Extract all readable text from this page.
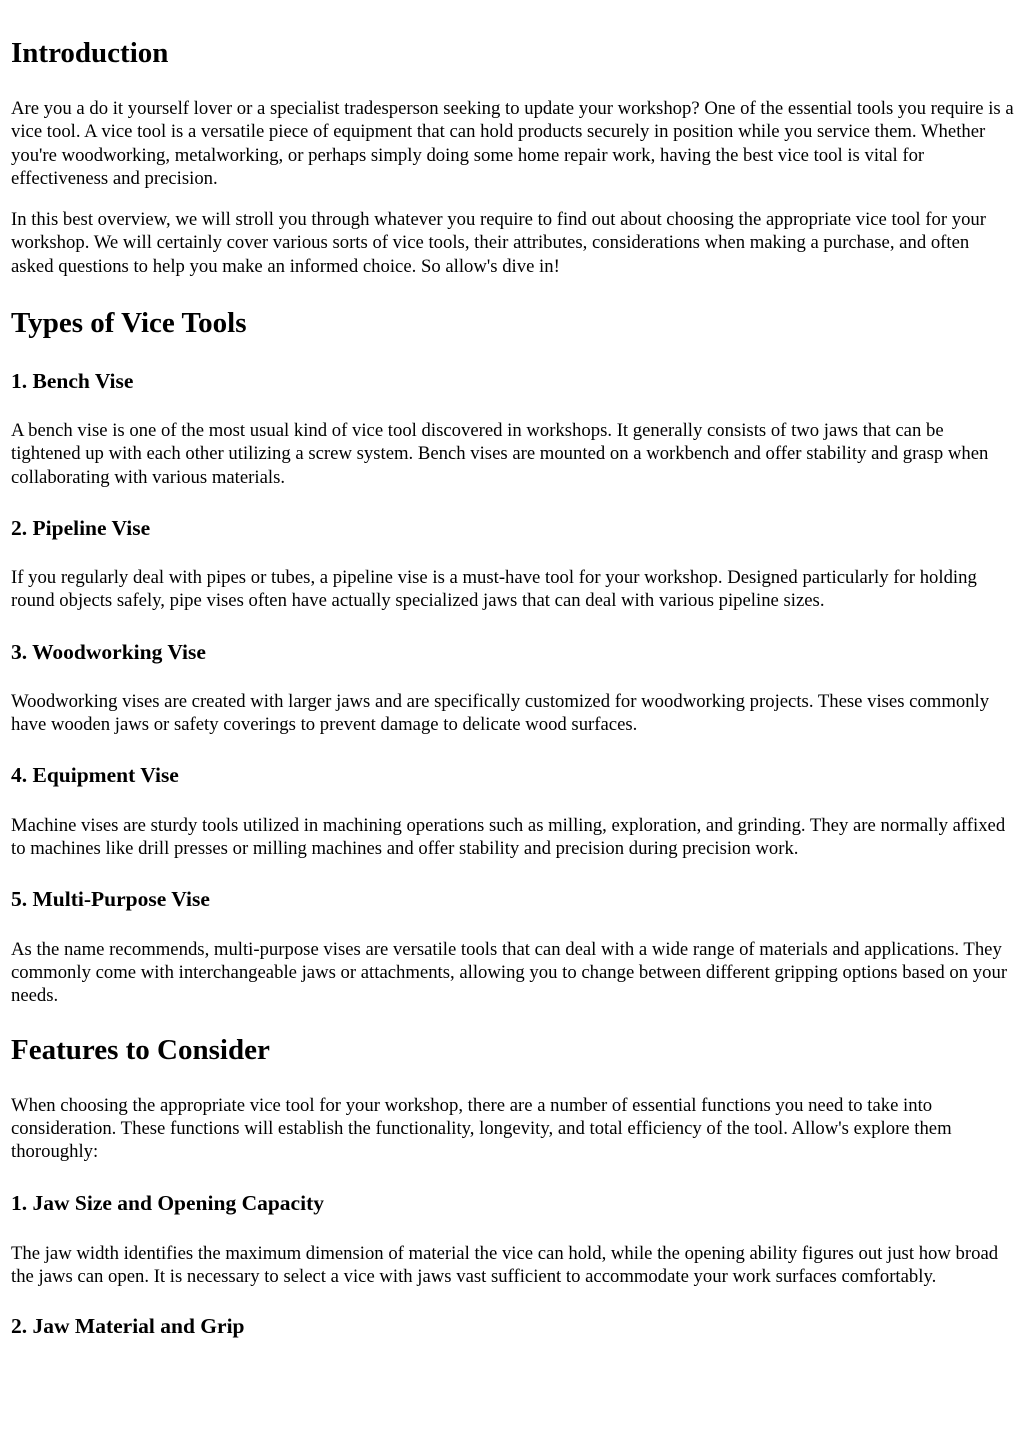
Introduction

Are you a do it yourself lover or a specialist tradesperson seeking to update your workshop? One of the essential tools you require is a vice tool. A vice tool is a versatile piece of equipment that can hold products securely in position while you service them. Whether you're woodworking, metalworking, or perhaps simply doing some home repair work, having the best vice tool is vital for effectiveness and precision.

In this best overview, we will stroll you through whatever you require to find out about choosing the appropriate vice tool for your workshop. We will certainly cover various sorts of vice tools, their attributes, considerations when making a purchase, and often asked questions to help you make an informed choice. So allow's dive in!

Types of Vice Tools
1. Bench Vise

A bench vise is one of the most usual kind of vice tool discovered in workshops. It generally consists of two jaws that can be tightened up with each other utilizing a screw system. Bench vises are mounted on a workbench and offer stability and grasp when collaborating with various materials.

2. Pipeline Vise

If you regularly deal with pipes or tubes, a pipeline vise is a must-have tool for your workshop. Designed particularly for holding round objects safely, pipe vises often have actually specialized jaws that can deal with various pipeline sizes.

3. Woodworking Vise

Woodworking vises are created with larger jaws and are specifically customized for woodworking projects. These vises commonly have wooden jaws or safety coverings to prevent damage to delicate wood surfaces.

4. Equipment Vise

Machine vises are sturdy tools utilized in machining operations such as milling, exploration, and grinding. They are normally affixed to machines like drill presses or milling machines and offer stability and precision during precision work.

5. Multi-Purpose Vise

As the name recommends, multi-purpose vises are versatile tools that can deal with a wide range of materials and applications. They commonly come with interchangeable jaws or attachments, allowing you to change between different gripping options based on your needs.

Features to Consider

When choosing the appropriate vice tool for your workshop, there are a number of essential functions you need to take into consideration. These functions will establish the functionality, longevity, and total efficiency of the tool. Allow's explore them thoroughly:

1. Jaw Size and Opening Capacity

The jaw width identifies the maximum dimension of material the vice can hold, while the opening ability figures out just how broad the jaws can open. It is necessary to select a vice with jaws vast sufficient to accommodate your work surfaces comfortably.

2. Jaw Material and Grip
